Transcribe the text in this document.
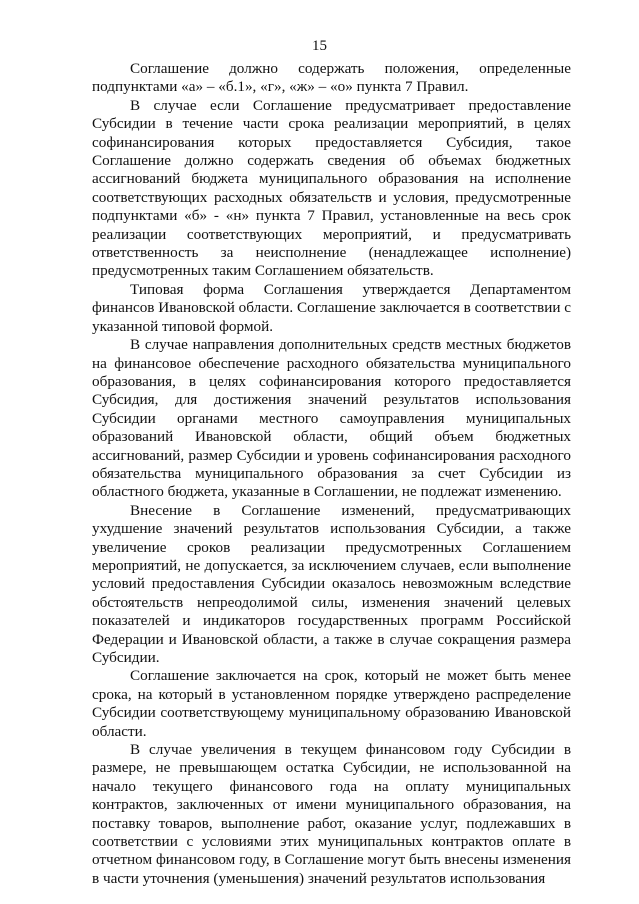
15

Соглашение должно содержать положения, определенные подпунктами «а» – «б.1», «г», «ж» – «о» пункта 7 Правил.

В случае если Соглашение предусматривает предоставление Субсидии в течение части срока реализации мероприятий, в целях софинансирования которых предоставляется Субсидия, такое Соглашение должно содержать сведения об объемах бюджетных ассигнований бюджета муниципального образования на исполнение соответствующих расходных обязательств и условия, предусмотренные подпунктами «б» - «н» пункта 7 Правил, установленные на весь срок реализации соответствующих мероприятий, и предусматривать ответственность за неисполнение (ненадлежащее исполнение) предусмотренных таким Соглашением обязательств.

Типовая форма Соглашения утверждается Департаментом финансов Ивановской области. Соглашение заключается в соответствии с указанной типовой формой.

В случае направления дополнительных средств местных бюджетов на финансовое обеспечение расходного обязательства муниципального образования, в целях софинансирования которого предоставляется Субсидия, для достижения значений результатов использования Субсидии органами местного самоуправления муниципальных образований Ивановской области, общий объем бюджетных ассигнований, размер Субсидии и уровень софинансирования расходного обязательства муниципального образования за счет Субсидии из областного бюджета, указанные в Соглашении, не подлежат изменению.

Внесение в Соглашение изменений, предусматривающих ухудшение значений результатов использования Субсидии, а также увеличение сроков реализации предусмотренных Соглашением мероприятий, не допускается, за исключением случаев, если выполнение условий предоставления Субсидии оказалось невозможным вследствие обстоятельств непреодолимой силы, изменения значений целевых показателей и индикаторов государственных программ Российской Федерации и Ивановской области, а также в случае сокращения размера Субсидии.

Соглашение заключается на срок, который не может быть менее срока, на который в установленном порядке утверждено распределение Субсидии соответствующему муниципальному образованию Ивановской области.

В случае увеличения в текущем финансовом году Субсидии в размере, не превышающем остатка Субсидии, не использованной на начало текущего финансового года на оплату муниципальных контрактов, заключенных от имени муниципального образования, на поставку товаров, выполнение работ, оказание услуг, подлежавших в соответствии с условиями этих муниципальных контрактов оплате в отчетном финансовом году, в Соглашение могут быть внесены изменения в части уточнения (уменьшения) значений результатов использования
